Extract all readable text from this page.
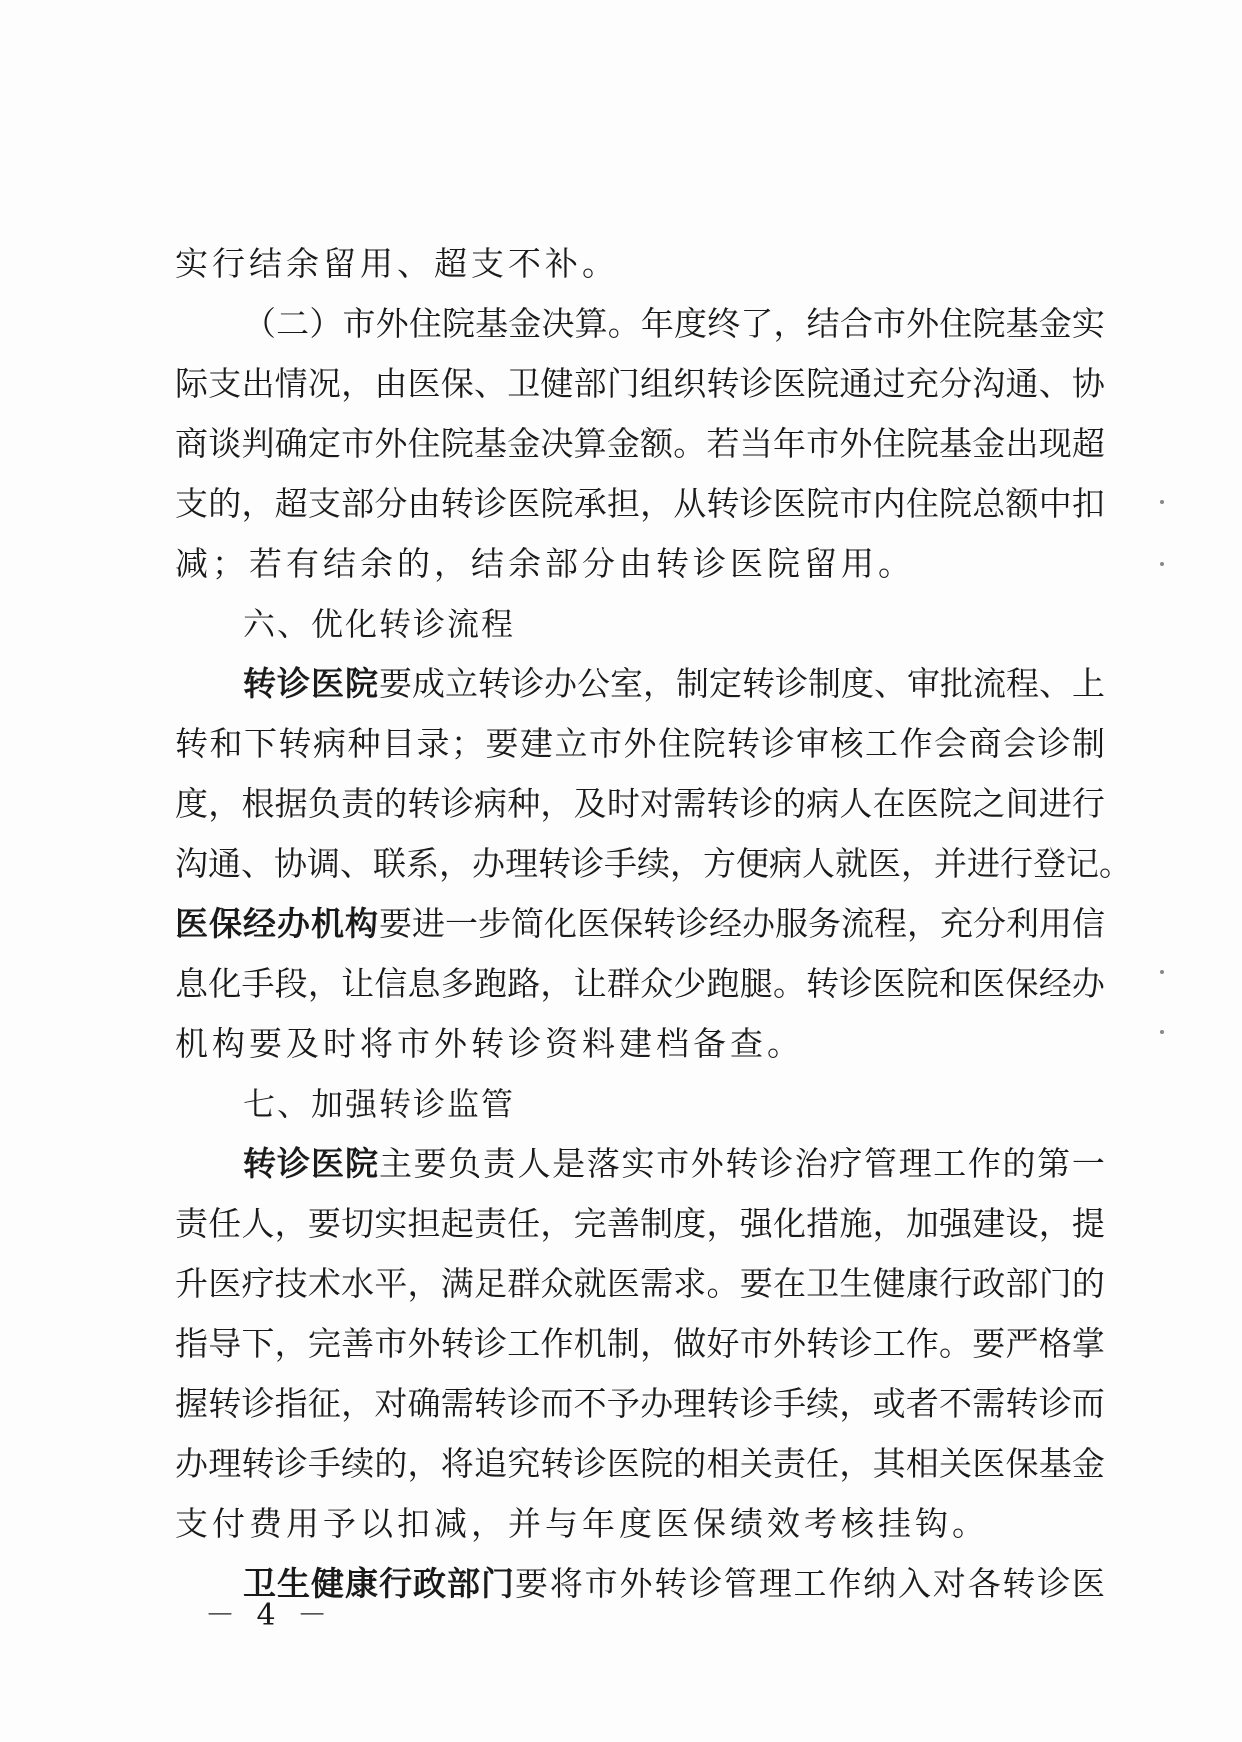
实行结余留用、超支不补。
（ 二 ） 市 外 住 院 基 金 决 算 。 年 度 终 了 ， 结 合 市 外 住 院 基 金 实
际 支 出 情 况 ， 由 医 保 、 卫 健 部 门 组 织 转 诊 医 院 通 过 充 分 沟 通 、 协
商 谈 判 确 定 市 外 住 院 基 金 决 算 金 额 。 若 当 年 市 外 住 院 基 金 出 现 超
支 的 ， 超 支 部 分 由 转 诊 医 院 承 担 ， 从 转 诊 医 院 市 内 住 院 总 额 中 扣
减；若有结余的，结余部分由转诊医院留用。
六、优化转诊流程
转诊医院 要 成 立 转 诊 办 公 室 ， 制 定 转 诊 制 度 、 审 批 流 程 、 上
转 和 下 转 病 种 目 录 ； 要 建 立 市 外 住 院 转 诊 审 核 工 作 会 商 会 诊 制
度 ， 根 据 负 责 的 转 诊 病 种 ， 及 时 对 需 转 诊 的 病 人 在 医 院 之 间 进 行
沟 通 、 协 调 、 联 系 ， 办 理 转 诊 手 续 ， 方 便 病 人 就 医 ， 并 进 行 登 记 。
医保经办机构 要 进 一 步 简 化 医 保 转 诊 经 办 服 务 流 程 ， 充 分 利 用 信
息 化 手 段 ， 让 信 息 多 跑 路 ， 让 群 众 少 跑 腿 。 转 诊 医 院 和 医 保 经 办
机构要及时将市外转诊资料建档备查。
七、加强转诊监管
转诊医院 主 要 负 责 人 是 落 实 市 外 转 诊 治 疗 管 理 工 作 的 第 一
责 任 人 ， 要 切 实 担 起 责 任 ， 完 善 制 度 ， 强 化 措 施 ， 加 强 建 设 ， 提
升 医 疗 技 术 水 平 ， 满 足 群 众 就 医 需 求 。 要 在 卫 生 健 康 行 政 部 门 的
指 导 下 ， 完 善 市 外 转 诊 工 作 机 制 ， 做 好 市 外 转 诊 工 作 。 要 严 格 掌
握 转 诊 指 征 ， 对 确 需 转 诊 而 不 予 办 理 转 诊 手 续 ， 或 者 不 需 转 诊 而
办 理 转 诊 手 续 的 ， 将 追 究 转 诊 医 院 的 相 关 责 任 ， 其 相 关 医 保 基 金
支付费用予以扣减，并与年度医保绩效考核挂钩。
卫生健康行政部门 要 将 市 外 转 诊 管 理 工 作 纳 入 对 各 转 诊 医
－ 4 －
